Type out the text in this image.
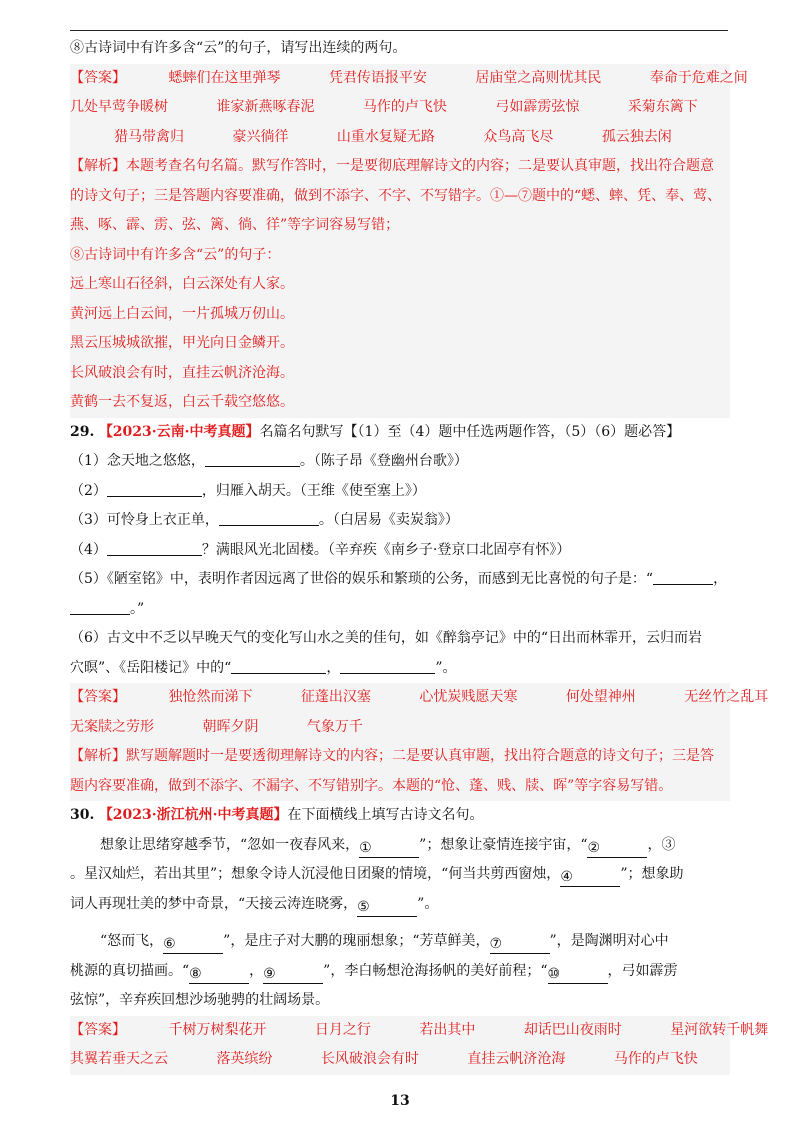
⑧古诗词中有许多含“云”的句子，请写出连续的两句。
【答案】	蟋蟀们在这里弹琴	凭君传语报平安	居庙堂之高则忧其民	奉命于危难之间
几处早莺争暖树	谁家新燕啄春泥	马作的卢飞快	弓如霹雳弦惊	采菊东篱下
猎马带禽归	豪兴徜徉	山重水复疑无路	众鸟高飞尽	孤云独去闲
【解析】本题考查名句名篇。默写作答时，一是要彻底理解诗文的内容；二是要认真审题，找出符合题意
的诗文句子；三是答题内容要准确，做到不添字、不字、不写错字。①—⑦题中的“蟋、蟀、凭、奉、莺、
燕、啄、霹、雳、弦、篱、徜、徉”等字词容易写错；
⑧古诗词中有许多含“云”的句子：
远上寒山石径斜，白云深处有人家。
黄河远上白云间，一片孤城万仞山。
黑云压城城欲摧，甲光向日金鳞开。
长风破浪会有时，直挂云帆济沧海。
黄鹤一去不复返，白云千载空悠悠。
29. 【2023·云南·中考真题】名篇名句默写【（1）至（4）题中任选两题作答，（5）（6）题必答】
（1）念天地之悠悠，	。（陈子昂《登幽州台歌》）
（2）	，归雁入胡天。（王维《使至塞上》）
（3）可怜身上衣正单，	。（白居易《卖炭翁》）
（4）	？满眼风光北固楼。（辛弃疾《南乡子·登京口北固亭有怀》）
（5）《陋室铭》中，表明作者因远离了世俗的娱乐和繁琐的公务，而感到无比喜悦的句子是：“	，
。”
（6）古文中不乏以早晚天气的变化写山水之美的佳句，如《醉翁亭记》中的“日出而林霏开，云归而岩
穴暝”、《岳阳楼记》中的“	，	”。
【答案】	独怆然而涕下	征蓬出汉塞	心忧炭贱愿天寒	何处望神州	无丝竹之乱耳
无案牍之劳形	朝晖夕阴	气象万千
【解析】默写题解题时一是要透彻理解诗文的内容；二是要认真审题，找出符合题意的诗文句子；三是答
题内容要准确，做到不添字、不漏字、不写错别字。本题的“怆、蓬、贱、牍、晖”等字容易写错。
30. 【2023·浙江杭州·中考真题】在下面横线上填写古诗文名句。
想象让思绪穿越季节，“忽如一夜春风来，①	”；想象让豪情连接宇宙，“②	，③
。星汉灿烂，若出其里”；想象令诗人沉浸他日团聚的情境，“何当共剪西窗烛，④	”；想象助
词人再现壮美的梦中奇景，“天接云涛连晓雾，⑤	”。
“怒而飞，⑥	”，是庄子对大鹏的瑰丽想象；“芳草鲜美，⑦	”，是陶渊明对心中
桃源的真切描画。“⑧	，⑨	”，李白畅想沧海扬帆的美好前程；“⑩	，弓如霹雳
弦惊”，辛弃疾回想沙场驰骋的壮阔场景。
【答案】	千树万树梨花开	日月之行	若出其中	却话巴山夜雨时	星河欲转千帆舞
其翼若垂天之云	落英缤纷	长风破浪会有时	直挂云帆济沧海	马作的卢飞快
13
